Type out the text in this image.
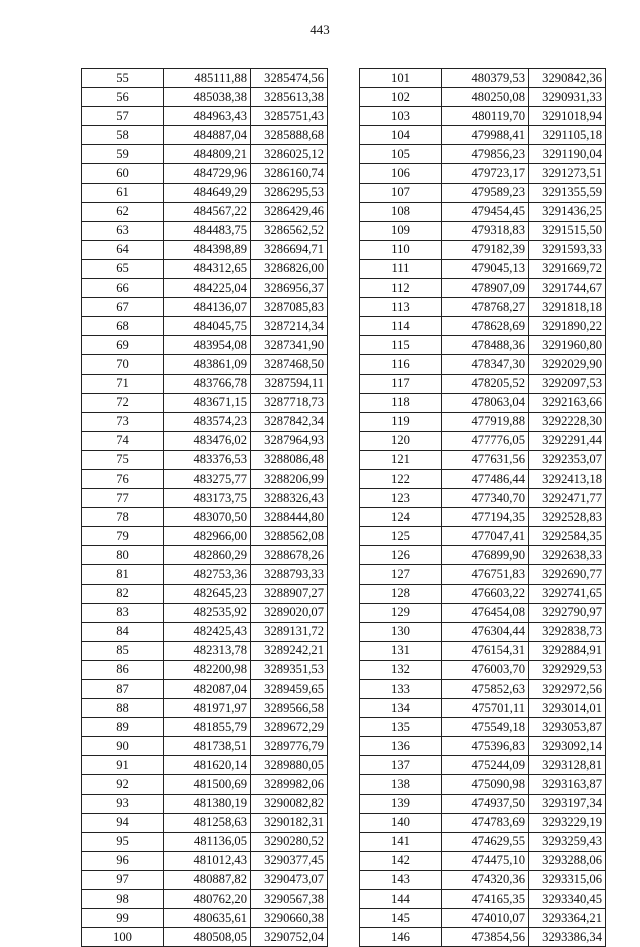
443
55	485111,88	3285474,56
56	485038,38	3285613,38
57	484963,43	3285751,43
58	484887,04	3285888,68
59	484809,21	3286025,12
60	484729,96	3286160,74
61	484649,29	3286295,53
62	484567,22	3286429,46
63	484483,75	3286562,52
64	484398,89	3286694,71
65	484312,65	3286826,00
66	484225,04	3286956,37
67	484136,07	3287085,83
68	484045,75	3287214,34
69	483954,08	3287341,90
70	483861,09	3287468,50
71	483766,78	3287594,11
72	483671,15	3287718,73
73	483574,23	3287842,34
74	483476,02	3287964,93
75	483376,53	3288086,48
76	483275,77	3288206,99
77	483173,75	3288326,43
78	483070,50	3288444,80
79	482966,00	3288562,08
80	482860,29	3288678,26
81	482753,36	3288793,33
82	482645,23	3288907,27
83	482535,92	3289020,07
84	482425,43	3289131,72
85	482313,78	3289242,21
86	482200,98	3289351,53
87	482087,04	3289459,65
88	481971,97	3289566,58
89	481855,79	3289672,29
90	481738,51	3289776,79
91	481620,14	3289880,05
92	481500,69	3289982,06
93	481380,19	3290082,82
94	481258,63	3290182,31
95	481136,05	3290280,52
96	481012,43	3290377,45
97	480887,82	3290473,07
98	480762,20	3290567,38
99	480635,61	3290660,38
100	480508,05	3290752,04
101	480379,53	3290842,36
102	480250,08	3290931,33
103	480119,70	3291018,94
104	479988,41	3291105,18
105	479856,23	3291190,04
106	479723,17	3291273,51
107	479589,23	3291355,59
108	479454,45	3291436,25
109	479318,83	3291515,50
110	479182,39	3291593,33
111	479045,13	3291669,72
112	478907,09	3291744,67
113	478768,27	3291818,18
114	478628,69	3291890,22
115	478488,36	3291960,80
116	478347,30	3292029,90
117	478205,52	3292097,53
118	478063,04	3292163,66
119	477919,88	3292228,30
120	477776,05	3292291,44
121	477631,56	3292353,07
122	477486,44	3292413,18
123	477340,70	3292471,77
124	477194,35	3292528,83
125	477047,41	3292584,35
126	476899,90	3292638,33
127	476751,83	3292690,77
128	476603,22	3292741,65
129	476454,08	3292790,97
130	476304,44	3292838,73
131	476154,31	3292884,91
132	476003,70	3292929,53
133	475852,63	3292972,56
134	475701,11	3293014,01
135	475549,18	3293053,87
136	475396,83	3293092,14
137	475244,09	3293128,81
138	475090,98	3293163,87
139	474937,50	3293197,34
140	474783,69	3293229,19
141	474629,55	3293259,43
142	474475,10	3293288,06
143	474320,36	3293315,06
144	474165,35	3293340,45
145	474010,07	3293364,21
146	473854,56	3293386,34
